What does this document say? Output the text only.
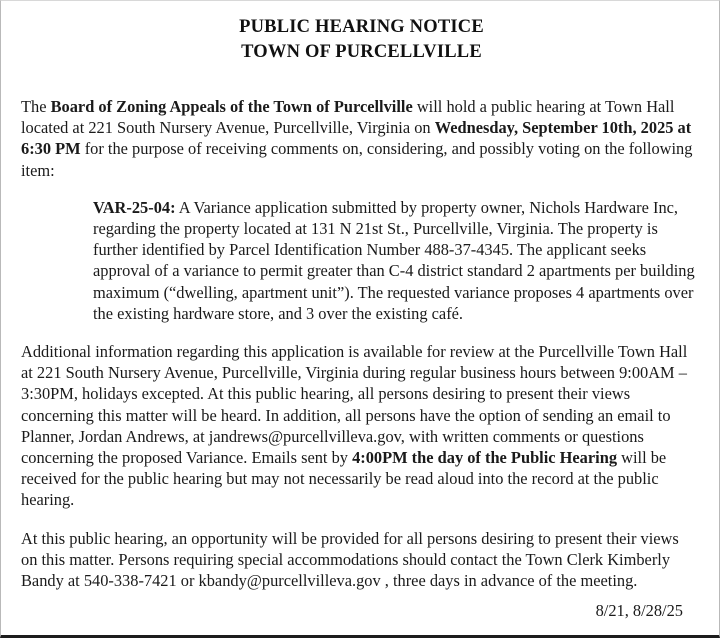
PUBLIC HEARING NOTICE
TOWN OF PURCELLVILLE

The Board of Zoning Appeals of the Town of Purcellville will hold a public hearing at Town Hall located at 221 South Nursery Avenue, Purcellville, Virginia on Wednesday, September 10th, 2025 at 6:30 PM for the purpose of receiving comments on, considering, and possibly voting on the following item:

VAR-25-04: A Variance application submitted by property owner, Nichols Hardware Inc, regarding the property located at 131 N 21st St., Purcellville, Virginia. The property is further identified by Parcel Identification Number 488-37-4345. The applicant seeks approval of a variance to permit greater than C-4 district standard 2 apartments per building maximum (“dwelling, apartment unit”). The requested variance proposes 4 apartments over the existing hardware store, and 3 over the existing café.

Additional information regarding this application is available for review at the Purcellville Town Hall at 221 South Nursery Avenue, Purcellville, Virginia during regular business hours between 9:00AM – 3:30PM, holidays excepted. At this public hearing, all persons desiring to present their views concerning this matter will be heard. In addition, all persons have the option of sending an email to Planner, Jordan Andrews, at jandrews@purcellvilleva.gov, with written comments or questions concerning the proposed Variance. Emails sent by 4:00PM the day of the Public Hearing will be received for the public hearing but may not necessarily be read aloud into the record at the public hearing.

At this public hearing, an opportunity will be provided for all persons desiring to present their views on this matter. Persons requiring special accommodations should contact the Town Clerk Kimberly Bandy at 540-338-7421 or kbandy@purcellvilleva.gov , three days in advance of the meeting.

8/21, 8/28/25
